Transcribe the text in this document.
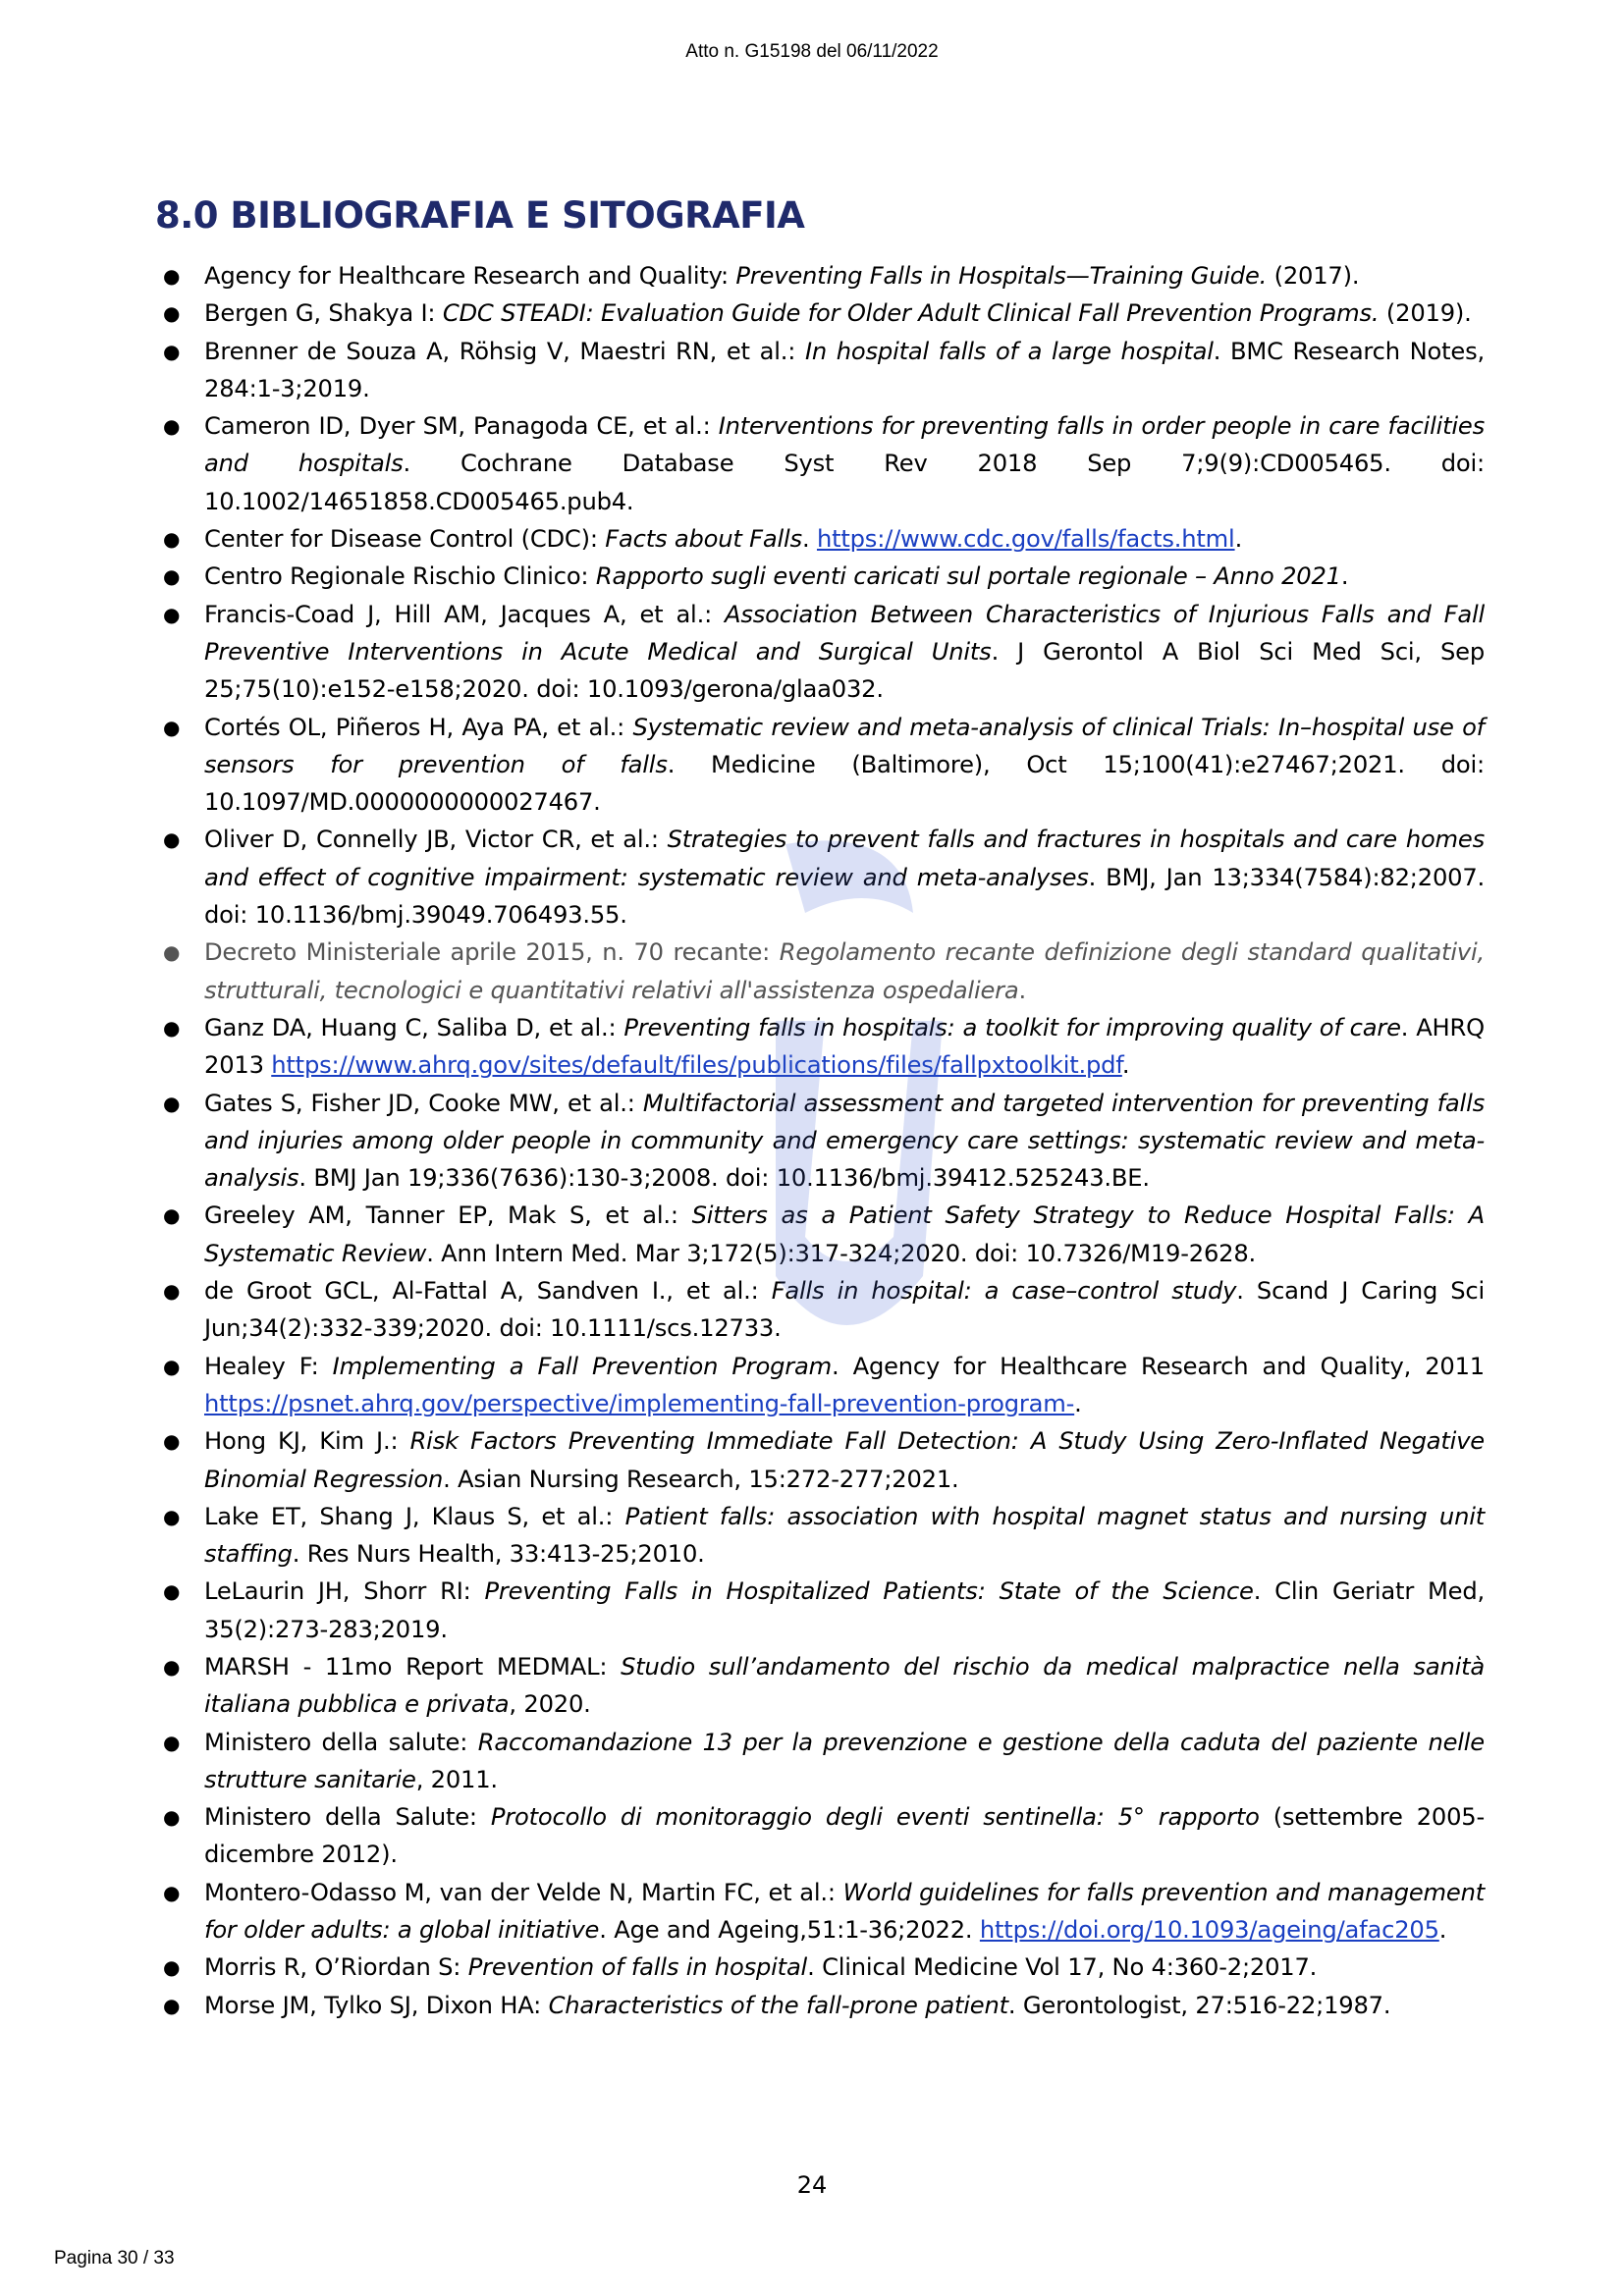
Atto n. G15198 del 06/11/2022
8.0 BIBLIOGRAFIA E SITOGRAFIA
● Agency for Healthcare Research and Quality: Preventing Falls in Hospitals—Training Guide. (2017).
● Bergen G, Shakya I: CDC STEADI: Evaluation Guide for Older Adult Clinical Fall Prevention Programs. (2019).
● Brenner de Souza A, Röhsig V, Maestri RN, et al.: In hospital falls of a large hospital. BMC Research Notes, 284:1-3;2019.
● Cameron ID, Dyer SM, Panagoda CE, et al.: Interventions for preventing falls in order people in care facilities and hospitals. Cochrane Database Syst Rev 2018 Sep 7;9(9):CD005465. doi: 10.1002/14651858.CD005465.pub4.
● Center for Disease Control (CDC): Facts about Falls. https://www.cdc.gov/falls/facts.html.
● Centro Regionale Rischio Clinico: Rapporto sugli eventi caricati sul portale regionale – Anno 2021.
● Francis-Coad J, Hill AM, Jacques A, et al.: Association Between Characteristics of Injurious Falls and Fall Preventive Interventions in Acute Medical and Surgical Units. J Gerontol A Biol Sci Med Sci, Sep 25;75(10):e152-e158;2020. doi: 10.1093/gerona/glaa032.
● Cortés OL, Piñeros H, Aya PA, et al.: Systematic review and meta-analysis of clinical Trials: In–hospital use of sensors for prevention of falls. Medicine (Baltimore), Oct 15;100(41):e27467;2021. doi: 10.1097/MD.0000000000027467.
● Oliver D, Connelly JB, Victor CR, et al.: Strategies to prevent falls and fractures in hospitals and care homes and effect of cognitive impairment: systematic review and meta-analyses. BMJ, Jan 13;334(7584):82;2007. doi: 10.1136/bmj.39049.706493.55.
● Decreto Ministeriale aprile 2015, n. 70 recante: Regolamento recante definizione degli standard qualitativi, strutturali, tecnologici e quantitativi relativi all'assistenza ospedaliera.
● Ganz DA, Huang C, Saliba D, et al.: Preventing falls in hospitals: a toolkit for improving quality of care. AHRQ 2013 https://www.ahrq.gov/sites/default/files/publications/files/fallpxtoolkit.pdf.
● Gates S, Fisher JD, Cooke MW, et al.: Multifactorial assessment and targeted intervention for preventing falls and injuries among older people in community and emergency care settings: systematic review and meta-analysis. BMJ Jan 19;336(7636):130-3;2008. doi: 10.1136/bmj.39412.525243.BE.
● Greeley AM, Tanner EP, Mak S, et al.: Sitters as a Patient Safety Strategy to Reduce Hospital Falls: A Systematic Review. Ann Intern Med. Mar 3;172(5):317-324;2020. doi: 10.7326/M19-2628.
● de Groot GCL, Al-Fattal A, Sandven I., et al.: Falls in hospital: a case–control study. Scand J Caring Sci Jun;34(2):332-339;2020. doi: 10.1111/scs.12733.
● Healey F: Implementing a Fall Prevention Program. Agency for Healthcare Research and Quality, 2011 https://psnet.ahrq.gov/perspective/implementing-fall-prevention-program-.
● Hong KJ, Kim J.: Risk Factors Preventing Immediate Fall Detection: A Study Using Zero-Inflated Negative Binomial Regression. Asian Nursing Research, 15:272-277;2021.
● Lake ET, Shang J, Klaus S, et al.: Patient falls: association with hospital magnet status and nursing unit staffing. Res Nurs Health, 33:413-25;2010.
● LeLaurin JH, Shorr RI: Preventing Falls in Hospitalized Patients: State of the Science. Clin Geriatr Med, 35(2):273-283;2019.
● MARSH - 11mo Report MEDMAL: Studio sull’andamento del rischio da medical malpractice nella sanità italiana pubblica e privata, 2020.
● Ministero della salute: Raccomandazione 13 per la prevenzione e gestione della caduta del paziente nelle strutture sanitarie, 2011.
● Ministero della Salute: Protocollo di monitoraggio degli eventi sentinella: 5° rapporto (settembre 2005-dicembre 2012).
● Montero-Odasso M, van der Velde N, Martin FC, et al.: World guidelines for falls prevention and management for older adults: a global initiative. Age and Ageing,51:1-36;2022. https://doi.org/10.1093/ageing/afac205.
● Morris R, O’Riordan S: Prevention of falls in hospital. Clinical Medicine Vol 17, No 4:360-2;2017.
● Morse JM, Tylko SJ, Dixon HA: Characteristics of the fall-prone patient. Gerontologist, 27:516-22;1987.
24
Pagina 30 / 33
